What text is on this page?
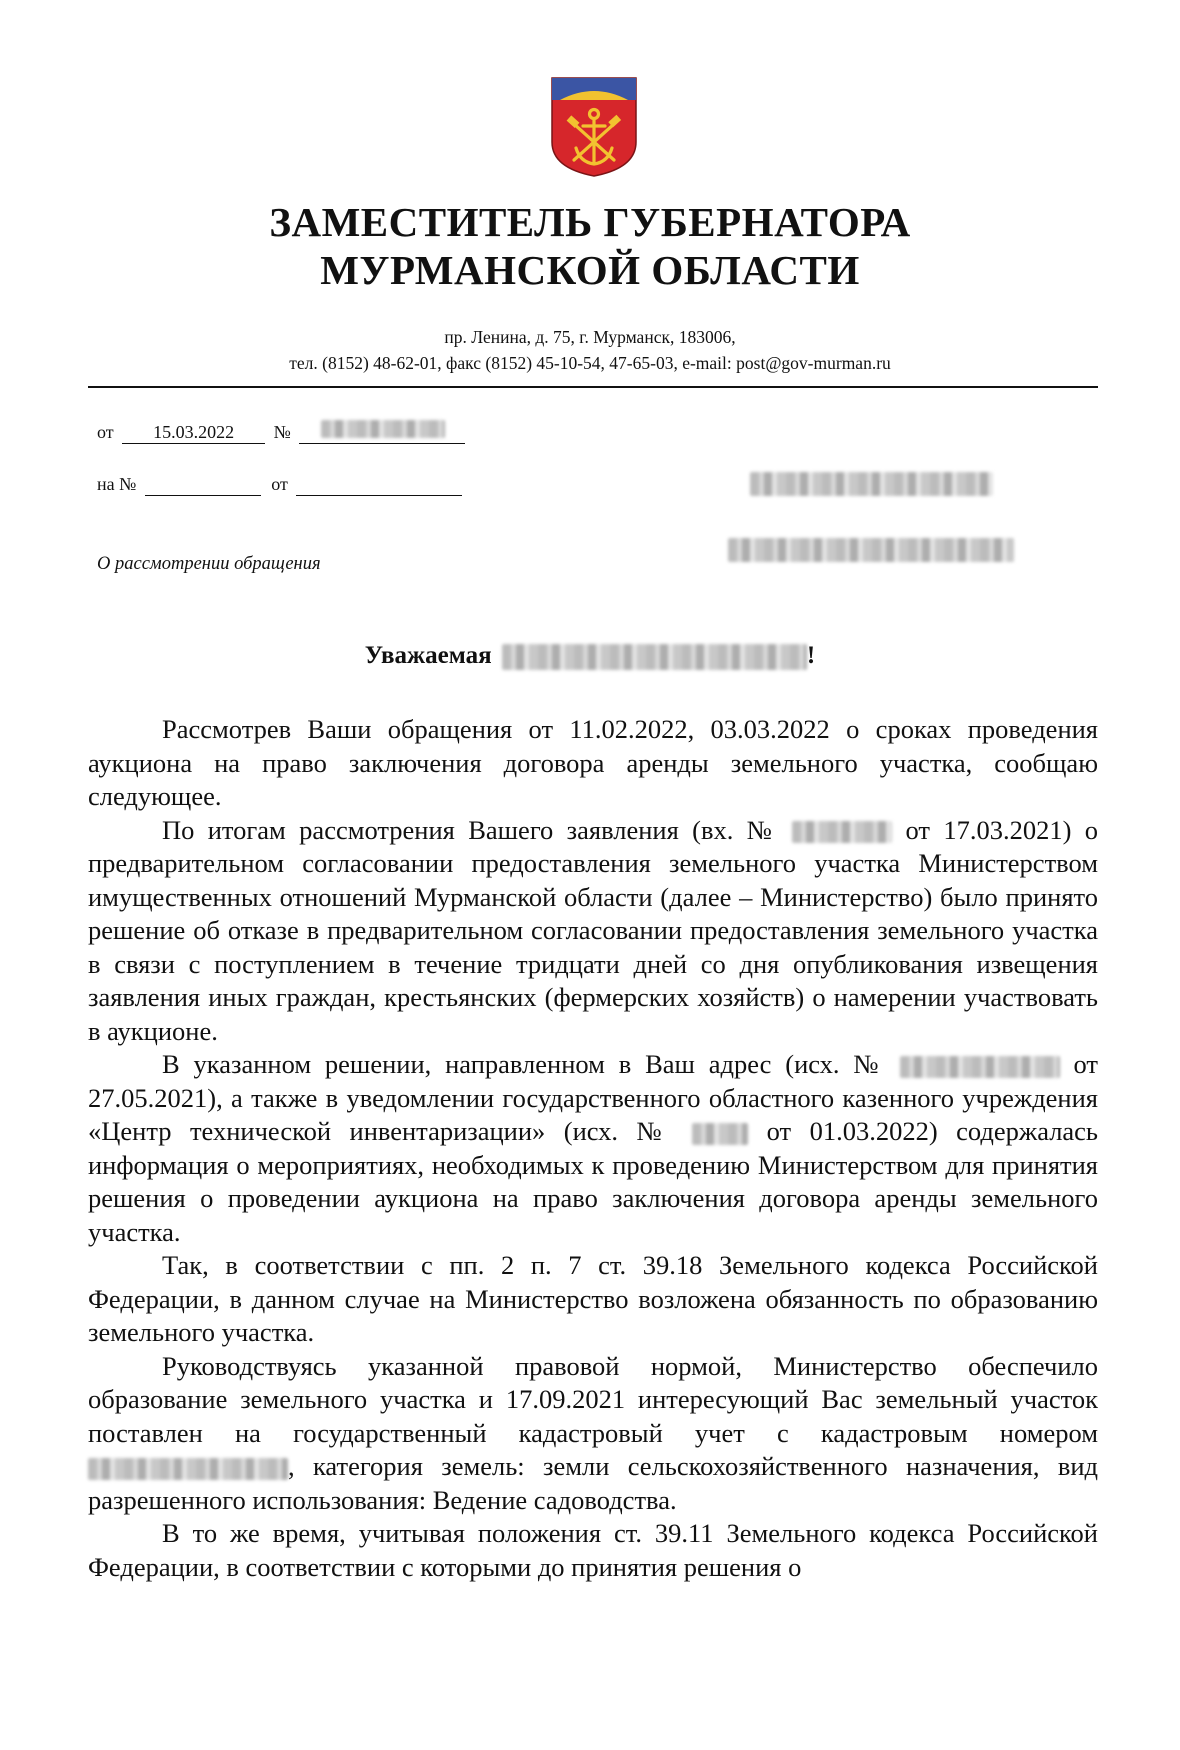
ЗАМЕСТИТЕЛЬ ГУБЕРНАТОРА
МУРМАНСКОЙ ОБЛАСТИ
пр. Ленина, д. 75, г. Мурманск, 183006,
тел. (8152) 48-62-01, факс (8152) 45-10-54, 47-65-03, e-mail: post@gov-murman.ru
от 15.03.2022 №
на №	от
О рассмотрении обращения
Уважаемая	!

Рассмотрев Ваши обращения от 11.02.2022, 03.03.2022 о сроках проведения аукциона на право заключения договора аренды земельного участка, сообщаю следующее.

По итогам рассмотрения Вашего заявления (вх. №	от 17.03.2021) о предварительном согласовании предоставления земельного участка Министерством имущественных отношений Мурманской области (далее – Министерство) было принято решение об отказе в предварительном согласовании предоставления земельного участка в связи с поступлением в течение тридцати дней со дня опубликования извещения заявления иных граждан, крестьянских (фермерских хозяйств) о намерении участвовать в аукционе.

В указанном решении, направленном в Ваш адрес (исх. №	от 27.05.2021), а также в уведомлении государственного областного казенного учреждения «Центр технической инвентаризации» (исх. №	от 01.03.2022) содержалась информация о мероприятиях, необходимых к проведению Министерством для принятия решения о проведении аукциона на право заключения договора аренды земельного участка.

Так, в соответствии с пп. 2 п. 7 ст. 39.18 Земельного кодекса Российской Федерации, в данном случае на Министерство возложена обязанность по образованию земельного участка.

Руководствуясь указанной правовой нормой, Министерство обеспечило образование земельного участка и 17.09.2021 интересующий Вас земельный участок поставлен на государственный кадастровый учет с кадастровым номером , категория земель: земли сельскохозяйственного назначения, вид разрешенного использования: Ведение садоводства.

В то же время, учитывая положения ст. 39.11 Земельного кодекса Российской Федерации, в соответствии с которыми до принятия решения о
